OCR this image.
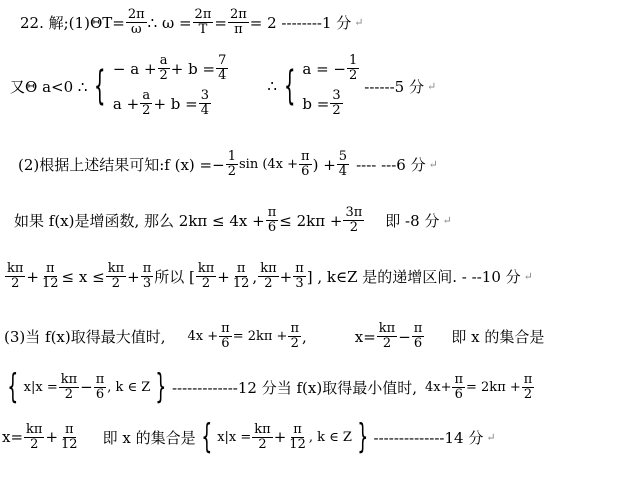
22. 解;(1) Θ $T= \frac{2\pi}{\omega}$ ∴ $\omega = \frac{2\pi}{T} = \frac{2\pi}{\pi} = 2$ --------1 分 ↵
又Θ a<0 ∴ { − $a + \frac{a}{2} + b = \frac{7}{4}$
$a + \frac{a}{2} + b = \frac{3}{4}$
∴ { a = − $\frac{1}{2}$
$b = \frac{3}{2}$
------5 分 ↵
(2)根据上述结果可知:f $(x) =- \frac{1}{2}$ $\sin (4x + \frac{\pi}{6}$ ) + $\frac{5}{4}$ ---- ---6 分 ↵
如果 f(x)是增函数, 那么 $2k\pi \le 4x + \frac{\pi}{6} \le 2k\pi + \frac{3\pi}{2}$ 即 -8 分 ↵
kπ
$2 + \frac{\pi}{12} \le x \le \frac{k\pi}{2} + \frac{\pi}{3}$ 所以 [ kπ
$2 + \frac{\pi}{12}$ , kπ
$2 + \frac{\pi}{3}$ ] , k∈Z 是的递增区间. - --10 分 ↵
(3)当 f(x)取得最大值时, $4x + \frac{\pi}{6} = 2k\pi + \frac{\pi}{2}$ ,	$x= \frac{k\pi}{2} - \frac{\pi}{6}$ 即 x 的集合是
{ $x|x = \frac{k\pi}{2} - \frac{\pi}{6}$ , k ∈ Z } -------------12 分当 f(x)取得最小值时, $4x+ \frac{\pi}{6} = 2k\pi + \frac{\pi}{2}$
$x= \frac{k\pi}{2} + \frac{\pi}{12}$ 即 x 的集合是 { $x|x = \frac{k\pi}{2} + \frac{\pi}{12}$ , k ∈ Z } --------------14 分 ↵
